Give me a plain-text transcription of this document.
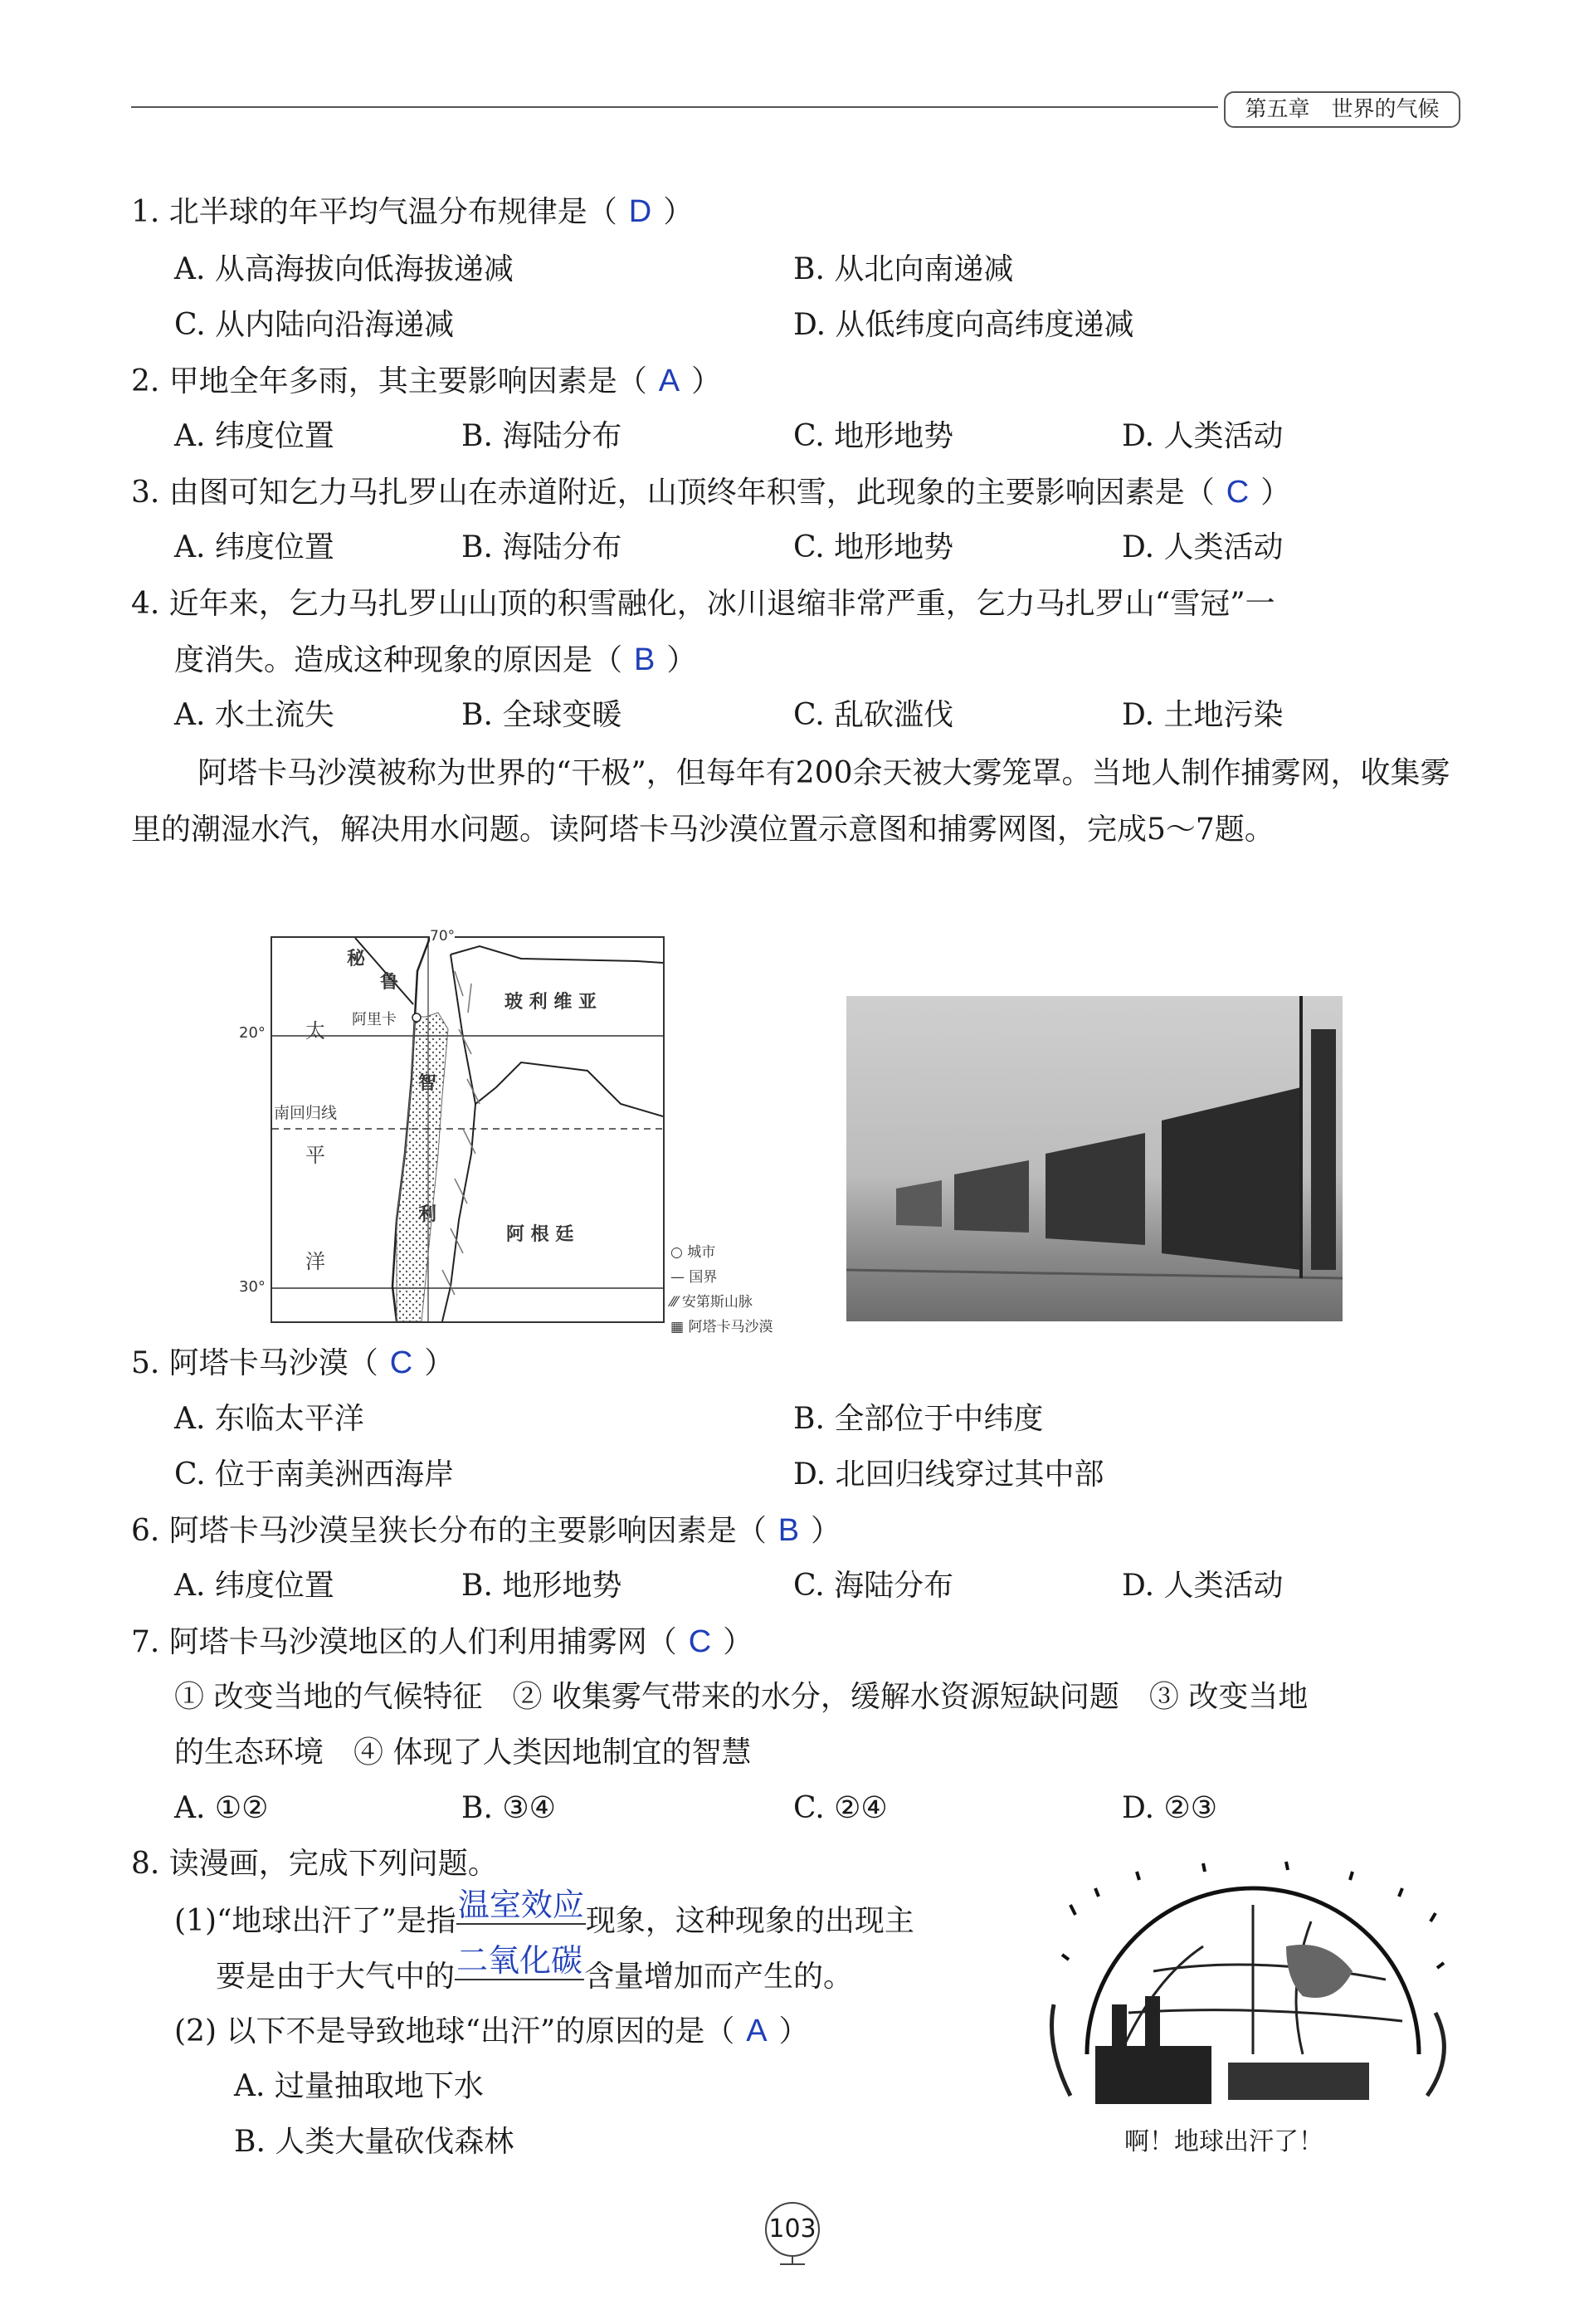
第五章　世界的气候
1. 北半球的年平均气温分布规律是（ D ）
A. 从高海拔向低海拔递减	B. 从北向南递减
C. 从内陆向沿海递减	D. 从低纬度向高纬度递减
2. 甲地全年多雨，其主要影响因素是（ A ）
A. 纬度位置	B. 海陆分布	C. 地形地势	D. 人类活动
3. 由图可知乞力马扎罗山在赤道附近，山顶终年积雪，此现象的主要影响因素是（ C ）
A. 纬度位置	B. 海陆分布	C. 地形地势	D. 人类活动
4. 近年来，乞力马扎罗山山顶的积雪融化，冰川退缩非常严重，乞力马扎罗山“雪冠”一
度消失。造成这种现象的原因是（ B ）
A. 水土流失	B. 全球变暖	C. 乱砍滥伐	D. 土地污染
阿塔卡马沙漠被称为世界的“干极”，但每年有200余天被大雾笼罩。当地人制作捕雾网，收集雾里的潮湿水汽，解决用水问题。读阿塔卡马沙漠位置示意图和捕雾网图，完成5～7题。
70°
20°
30°
南回归线
秘
鲁
玻 利 维 亚
阿里卡
太
平
洋
智
利
阿 根 廷
○ 城市
— 国界
⁄⁄⁄ 安第斯山脉
▦ 阿塔卡马沙漠
5. 阿塔卡马沙漠（ C ）
A. 东临太平洋	B. 全部位于中纬度
C. 位于南美洲西海岸	D. 北回归线穿过其中部
6. 阿塔卡马沙漠呈狭长分布的主要影响因素是（ B ）
A. 纬度位置	B. 地形地势	C. 海陆分布	D. 人类活动
7. 阿塔卡马沙漠地区的人们利用捕雾网（ C ）
① 改变当地的气候特征　② 收集雾气带来的水分，缓解水资源短缺问题　③ 改变当地
的生态环境　④ 体现了人类因地制宜的智慧
A. ①②	B. ③④	C. ②④	D. ②③
8. 读漫画，完成下列问题。
(1)“地球出汗了”是指温室效应现象，这种现象的出现主
要是由于大气中的二氧化碳含量增加而产生的。
(2) 以下不是导致地球“出汗”的原因的是（ A ）
A. 过量抽取地下水
B. 人类大量砍伐森林	啊！地球出汗了！
103
